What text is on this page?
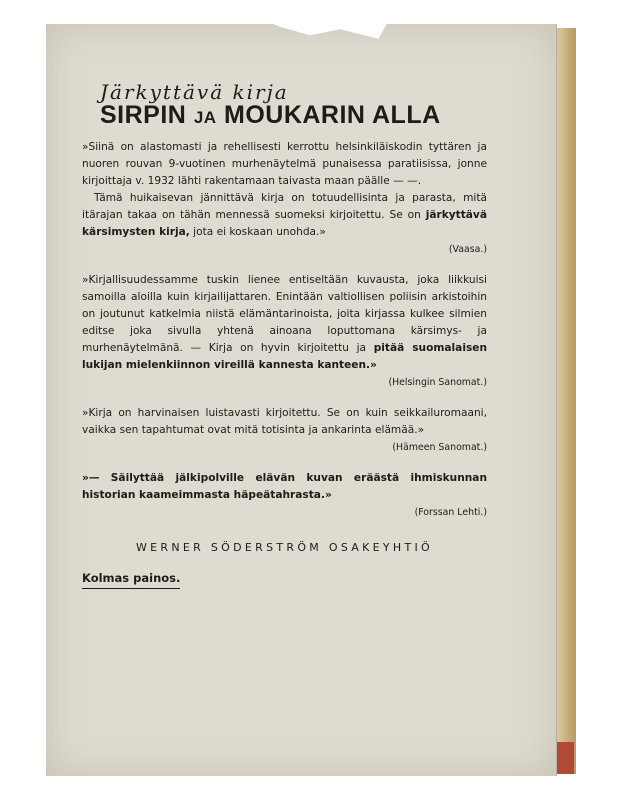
Järkyttävä kirja
SIRPIN JA MOUKARIN ALLA

»Siinä on alastomasti ja rehellisesti kerrottu helsinkiläiskodin tyttären ja nuoren rouvan 9-vuotinen murhenäytelmä punaisessa paratiisissa, jonne kirjoittaja v. 1932 lähti rakentamaan taivasta maan päälle — —.

Tämä huikaisevan jännittävä kirja on totuudellisinta ja parasta, mitä itärajan takaa on tähän mennessä suomeksi kirjoitettu. Se on järkyttävä kärsimysten kirja, jota ei koskaan unohda.»

(Vaasa.)

»Kirjallisuudessamme tuskin lienee entiseltään kuvausta, joka liikkuisi samoilla aloilla kuin kirjailijattaren. Enintään valtiollisen poliisin arkistoihin on joutunut katkelmia niistä elämäntarinoista, joita kirjassa kulkee silmien editse joka sivulla yhtenä ainoana loputtomana kärsimys- ja murhenäytelmänä. — Kirja on hyvin kirjoitettu ja pitää suomalaisen lukijan mielenkiinnon vireillä kannesta kanteen.»

(Helsingin Sanomat.)

»Kirja on harvinaisen luistavasti kirjoitettu. Se on kuin seikkailuromaani, vaikka sen tapahtumat ovat mitä totisinta ja ankarinta elämää.»

(Hämeen Sanomat.)

»— Säilyttää jälkipolville elävän kuvan eräästä ihmiskunnan historian kaameimmasta häpeätahrasta.»

(Forssan Lehti.)
WERNER SÖDERSTRÖM OSAKEYHTIÖ
Kolmas painos.
